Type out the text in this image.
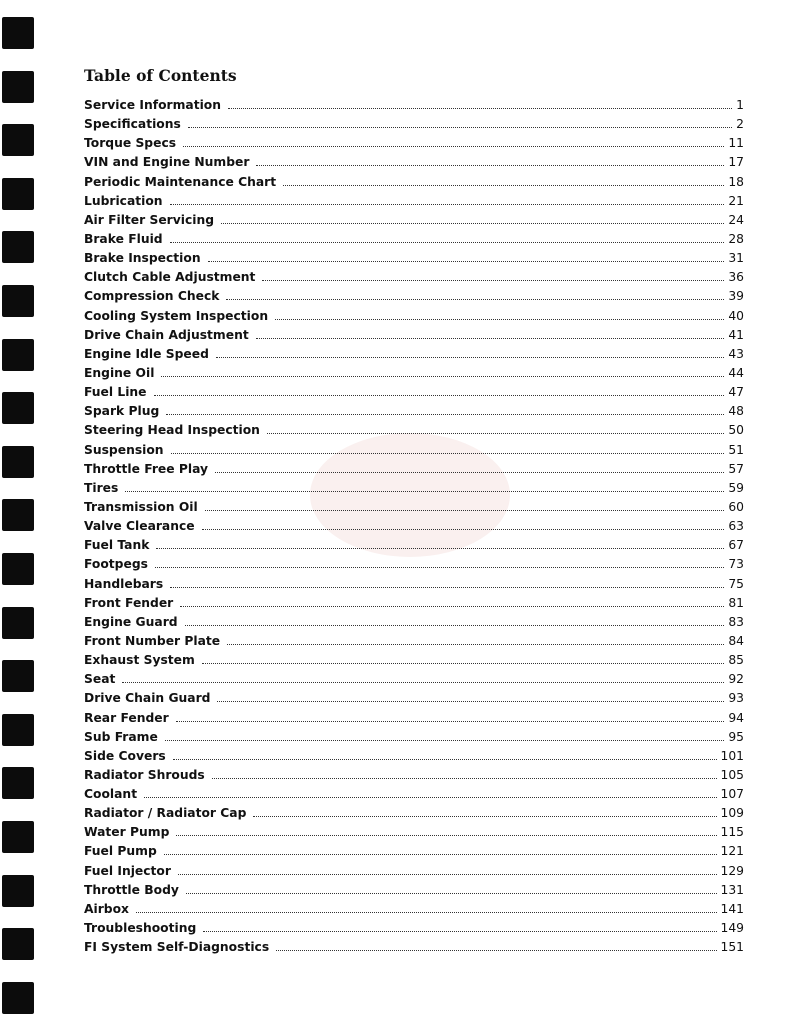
Table of Contents
Service Information	1
Specifications	2
Torque Specs	11
VIN and Engine Number	17
Periodic Maintenance Chart	18
Lubrication	21
Air Filter Servicing	24
Brake Fluid	28
Brake Inspection	31
Clutch Cable Adjustment	36
Compression Check	39
Cooling System Inspection	40
Drive Chain Adjustment	41
Engine Idle Speed	43
Engine Oil	44
Fuel Line	47
Spark Plug	48
Steering Head Inspection	50
Suspension	51
Throttle Free Play	57
Tires	59
Transmission Oil	60
Valve Clearance	63
Fuel Tank	67
Footpegs	73
Handlebars	75
Front Fender	81
Engine Guard	83
Front Number Plate	84
Exhaust System	85
Seat	92
Drive Chain Guard	93
Rear Fender	94
Sub Frame	95
Side Covers	101
Radiator Shrouds	105
Coolant	107
Radiator / Radiator Cap	109
Water Pump	115
Fuel Pump	121
Fuel Injector	129
Throttle Body	131
Airbox	141
Troubleshooting	149
FI System Self-Diagnostics	151
